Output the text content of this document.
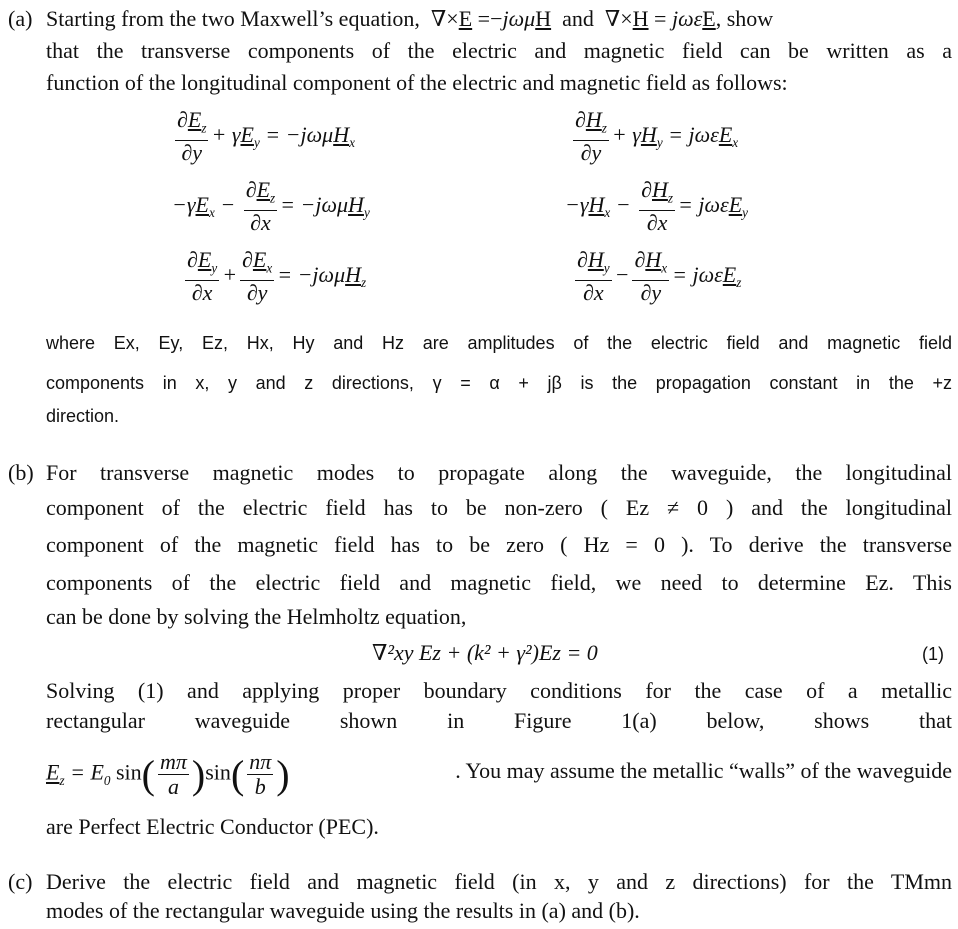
(a) Starting from the two Maxwell’s equation,  ∇×E =−jωμH  and  ∇×H = jωεE, show
that the transverse components of the electric and magnetic field can be written as a
function of the longitudinal component of the electric and magnetic field as follows:
$\frac{\partial E_z}{\partial y} + \gamma E_y = -j\omega\mu H_x$
$-\gamma E_x - \frac{\partial E_z}{\partial x} = -j\omega\mu H_y$
$\frac{\partial E_y}{\partial x} + \frac{\partial E_x}{\partial y} = -j\omega\mu H_z$
$\frac{\partial H_z}{\partial y} + \gamma H_y = j\omega\varepsilon E_x$
$-\gamma H_x - \frac{\partial H_z}{\partial x} = j\omega\varepsilon E_y$
$\frac{\partial H_y}{\partial x} - \frac{\partial H_x}{\partial y} = j\omega\varepsilon E_z$
where Ex, Ey, Ez, Hx, Hy and Hz are amplitudes of the electric field and magnetic field
components in x, y and z directions, γ = α + jβ is the propagation constant in the +z
direction.
(b) For transverse magnetic modes to propagate along the waveguide, the longitudinal
component of the electric field has to be non-zero ( Ez ≠ 0 ) and the longitudinal
component of the magnetic field has to be zero ( Hz = 0 ). To derive the transverse
components of the electric field and magnetic field, we need to determine Ez. This
can be done by solving the Helmholtz equation,
∇²xy Ez + (k² + γ²)Ez = 0	(1)
Solving (1) and applying proper boundary conditions for the case of a metallic
rectangular waveguide shown in Figure 1(a) below, shows that
$E_z = E_0$ $\sin( \frac{m\pi}{a} )\sin( \frac{n\pi}{b}$ )	. You may assume the metallic “walls” of the waveguide
are Perfect Electric Conductor (PEC).
(c) Derive the electric field and magnetic field (in x, y and z directions) for the TMmn
modes of the rectangular waveguide using the results in (a) and (b).
